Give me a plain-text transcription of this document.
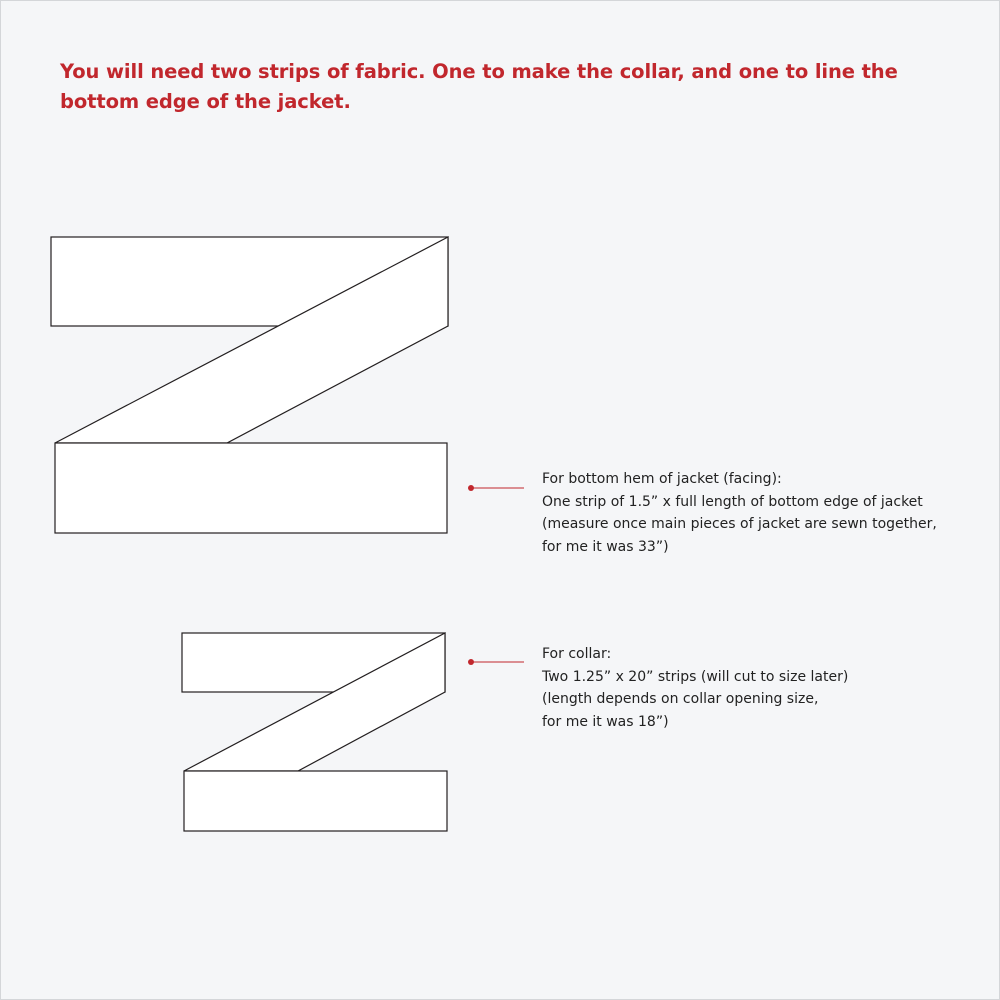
You will need two strips of fabric. One to make the collar, and one to line the bottom edge of the jacket.
For bottom hem of jacket (facing):
One strip of 1.5” x full length of bottom edge of jacket
(measure once main pieces of jacket are sewn together,
for me it was 33”)
For collar:
Two 1.25” x 20” strips (will cut to size later)
(length depends on collar opening size,
for me it was 18”)
